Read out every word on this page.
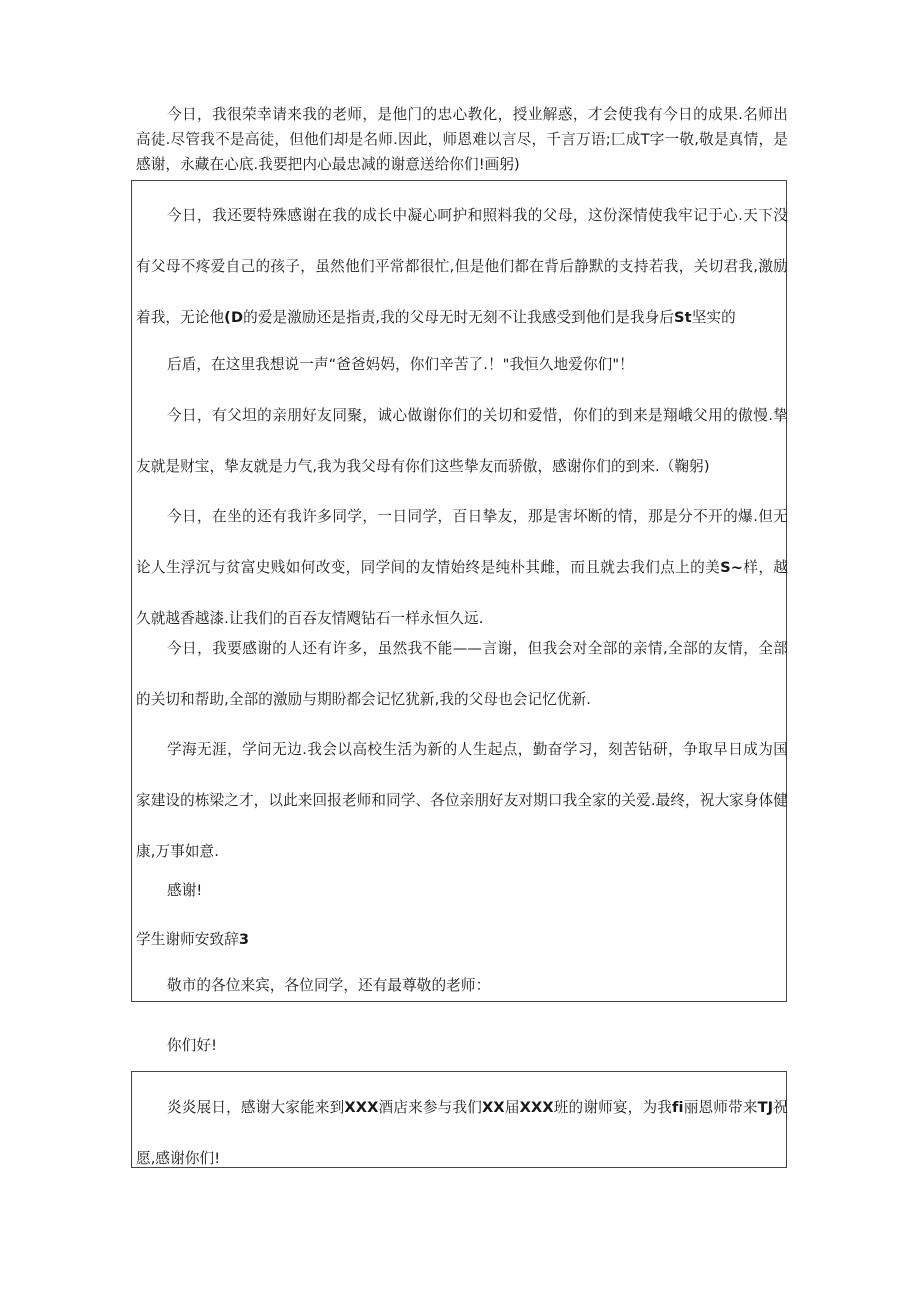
今日，我很荣幸请来我的老师，是他门的忠心教化，授业解惑，才会使我有今日的成果.名师出高徒.尽管我不是高徒，但他们却是名师.因此，师恩难以言尽，千言万语;匚成T字一敬,敬是真情，是感谢，永藏在心底.我要把内心最忠减的谢意送给你们!画躬)

今日，我还要特殊感谢在我的成长中凝心呵护和照料我的父母，这份深情使我牢记于心.天下没有父母不疼爱自己的孩子，虽然他们平常都很忙,但是他们都在背后静默的支持若我，关切君我,激励着我，无论他(D的爱是激励还是指责,我的父母无时无刻不让我感受到他们是我身后St坚实的

后盾，在这里我想说一声“爸爸妈妈，你们辛苦了.！"我恒久地爱你们"！

今日，有父坦的亲朋好友同聚，诚心做谢你们的关切和爱惜，你们的到来是翔峨父用的傲慢.挚友就是财宝，挚友就是力气,我为我父母有你们这些挚友而骄傲，感谢你们的到来.（鞠躬)

今日，在坐的还有我许多同学，一日同学，百日挚友，那是害坏断的情，那是分不开的爆.但无论人生浮沉与贫富史贱如何改变，同学间的友情始终是纯朴其雌，而且就去我们点上的美S~样，越久就越香越漆.让我们的百吞友情飕钻石一样永恒久远.

今日，我要感谢的人还有许多，虽然我不能——言谢，但我会对全部的亲情,全部的友情，全部的关切和帮助,全部的激励与期盼都会记忆犹新,我的父母也会记忆优新.

学海无涯，学问无边.我会以高校生活为新的人生起点，勤奋学习，刻苦钻研，争取早日成为国家建设的栋梁之才，以此来回报老师和同学、各位亲朋好友对期口我全家的关爱.最终，祝大家身体健康,万事如意.

感谢!

学生谢师安致辞3

敬市的各位来宾，各位同学，还有最尊敬的老师：

你们好!

炎炎展日，感谢大家能来到XXX酒店来参与我们XX届XXX班的谢师宴，为我fi丽恩师带来TJ祝愿,感谢你们!
